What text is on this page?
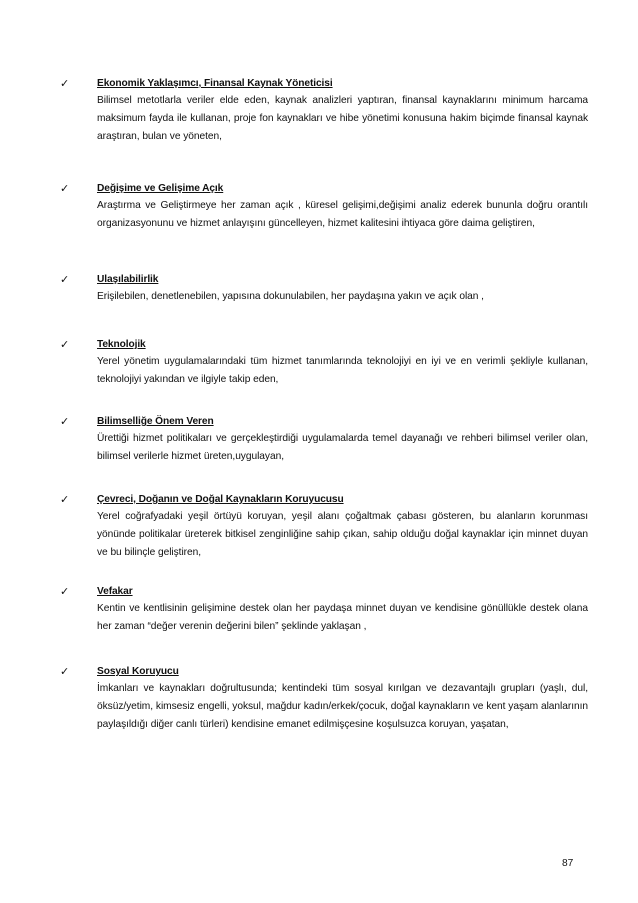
✓	Ekonomik Yaklaşımcı, Finansal Kaynak Yöneticisi
Bilimsel metotlarla veriler elde eden, kaynak analizleri yaptıran, finansal kaynaklarını minimum harcama maksimum fayda ile kullanan, proje fon kaynakları ve hibe yönetimi konusuna hakim biçimde finansal kaynak araştıran, bulan ve yöneten,
✓	Değişime ve Gelişime Açık
Araştırma ve Geliştirmeye her zaman açık , küresel gelişimi,değişimi analiz ederek bununla doğru orantılı organizasyonunu ve hizmet anlayışını güncelleyen, hizmet kalitesini ihtiyaca göre daima geliştiren,
✓	Ulaşılabilirlik
Erişilebilen, denetlenebilen, yapısına dokunulabilen, her paydaşına yakın ve açık olan ,
✓	Teknolojik
Yerel yönetim uygulamalarındaki tüm hizmet tanımlarında teknolojiyi en iyi ve en verimli şekliyle kullanan, teknolojiyi yakından ve ilgiyle takip eden,
✓	Bilimselliğe Önem Veren
Ürettiği hizmet politikaları ve gerçekleştirdiği uygulamalarda temel dayanağı ve rehberi bilimsel veriler olan, bilimsel verilerle hizmet üreten,uygulayan,
✓	Çevreci, Doğanın ve Doğal Kaynakların Koruyucusu
Yerel coğrafyadaki yeşil örtüyü koruyan, yeşil alanı çoğaltmak çabası gösteren, bu alanların korunması yönünde politikalar üreterek bitkisel zenginliğine sahip çıkan, sahip olduğu doğal kaynaklar için minnet duyan ve bu bilinçle geliştiren,
✓	Vefakar
Kentin ve kentlisinin gelişimine destek olan her paydaşa minnet duyan ve kendisine gönüllükle destek olana her zaman “değer verenin değerini bilen” şeklinde yaklaşan ,
✓	Sosyal Koruyucu
İmkanları ve kaynakları doğrultusunda; kentindeki tüm sosyal kırılgan ve dezavantajlı grupları (yaşlı, dul, öksüz/yetim, kimsesiz engelli, yoksul, mağdur kadın/erkek/çocuk, doğal kaynakların ve kent yaşam alanlarının paylaşıldığı diğer canlı türleri) kendisine emanet edilmişçesine koşulsuzca koruyan, yaşatan,
87
